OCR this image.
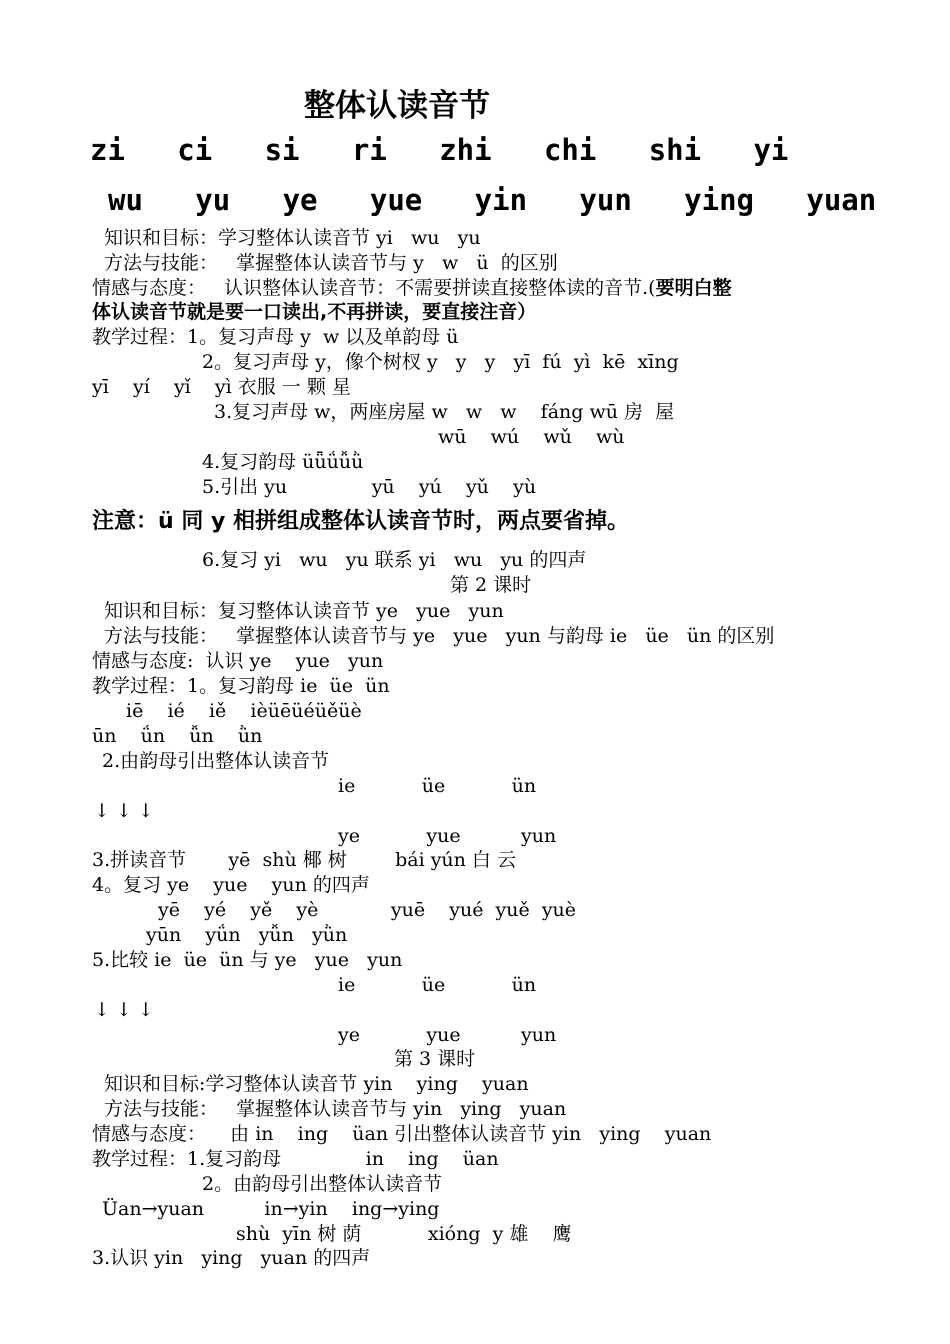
整体认读音节
zi   ci   si   ri   zhi   chi   shi   yi
wu   yu   ye   yue   yin   yun   ying   yuan
知识和目标：学习整体认读音节 yi   wu   yu
方法与技能：   掌握整体认读音节与 y   w   ü  的区别
情感与态度：   认识整体认读音节：不需要拼读直接整体读的音节.(要明白整
体认读音节就是要一口读出,不再拼读，要直接注音）
教学过程：1。复习声母 y  w 以及单韵母 ü
2。复习声母 y，像个树杈 y   y   y   yī  fú  yì  kē  xīng
yī    yí    yǐ    yì 衣服 一 颗 星
3.复习声母 w，两座房屋 w   w   w    fáng wū 房  屋
wū    wú    wǔ    wù
4.复习韵母 üǖǘǚǜ
5.引出 yu              yū    yú    yǔ    yù
注意：ü 同 y 相拼组成整体认读音节时，两点要省掉。
6.复习 yi   wu   yu 联系 yi   wu   yu 的四声
第 2 课时
知识和目标：复习整体认读音节 ye   yue   yun
方法与技能：   掌握整体认读音节与 ye   yue   yun 与韵母 ie   üe   ün 的区别
情感与态度:  认识 ye    yue   yun
教学过程：1。复习韵母 ie  üe  ün
iē    ié    iě    ièüēüéüěüè
ūn    ǘn    ǚn    ǜn
2.由韵母引出整体认读音节
ie           üe           ün
↓ ↓ ↓
ye           yue          yun
3.拼读音节       yē  shù 椰 树        bái yún 白 云
4。复习 ye    yue    yun 的四声
yē    yé    yě    yè            yuē    yué  yuě  yuè
yūn    yǘn   yǚn   yǜn
5.比较 ie  üe  ün 与 ye   yue   yun
ie           üe           ün
↓ ↓ ↓
ye           yue          yun
第 3 课时
知识和目标:学习整体认读音节 yin    ying    yuan
方法与技能：   掌握整体认读音节与 yin   ying   yuan
情感与态度：    由 in    ing    üan 引出整体认读音节 yin   ying    yuan
教学过程：1.复习韵母              in    ing    üan
2。由韵母引出整体认读音节
Üan→yuan          in→yin    ing→ying
shù  yīn 树 荫           xióng  y 雄    鹰
3.认识 yin   ying   yuan 的四声
